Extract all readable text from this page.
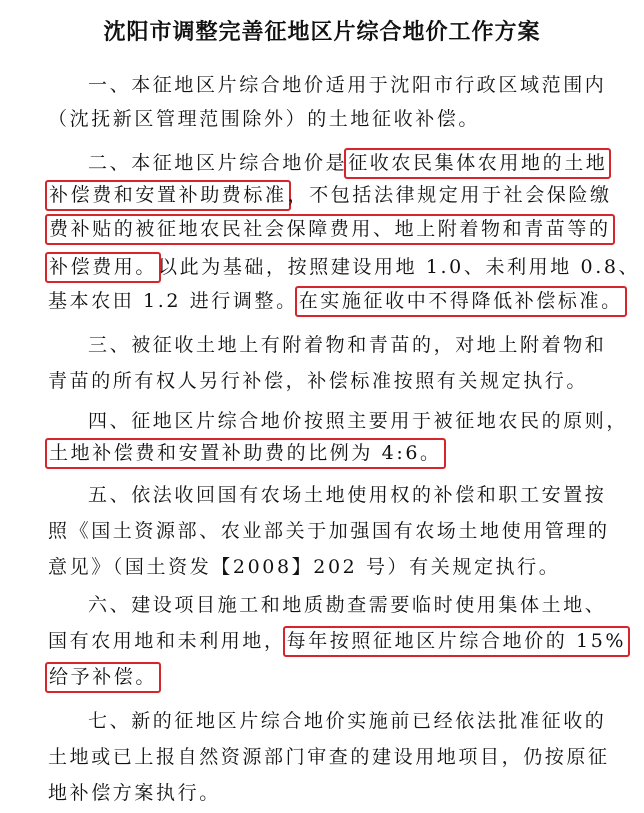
沈阳市调整完善征地区片综合地价工作方案
一、本征地区片综合地价适用于沈阳市行政区域范围内
（沈抚新区管理范围除外）的土地征收补偿。
二、本征地区片综合地价是征收农民集体农用地的土地
补偿费和安置补助费标准，不包括法律规定用于社会保险缴
费补贴的被征地农民社会保障费用、地上附着物和青苗等的
补偿费用。以此为基础，按照建设用地 1.0、未利用地 0.8、
基本农田 1.2 进行调整。在实施征收中不得降低补偿标准。
三、被征收土地上有附着物和青苗的，对地上附着物和
青苗的所有权人另行补偿，补偿标准按照有关规定执行。
四、征地区片综合地价按照主要用于被征地农民的原则，
土地补偿费和安置补助费的比例为 4:6。
五、依法收回国有农场土地使用权的补偿和职工安置按
照《国土资源部、农业部关于加强国有农场土地使用管理的
意见》（国土资发【2008】202 号）有关规定执行。
六、建设项目施工和地质勘查需要临时使用集体土地、
国有农用地和未利用地，每年按照征地区片综合地价的 15%
给予补偿。
七、新的征地区片综合地价实施前已经依法批准征收的
土地或已上报自然资源部门审查的建设用地项目，仍按原征
地补偿方案执行。
